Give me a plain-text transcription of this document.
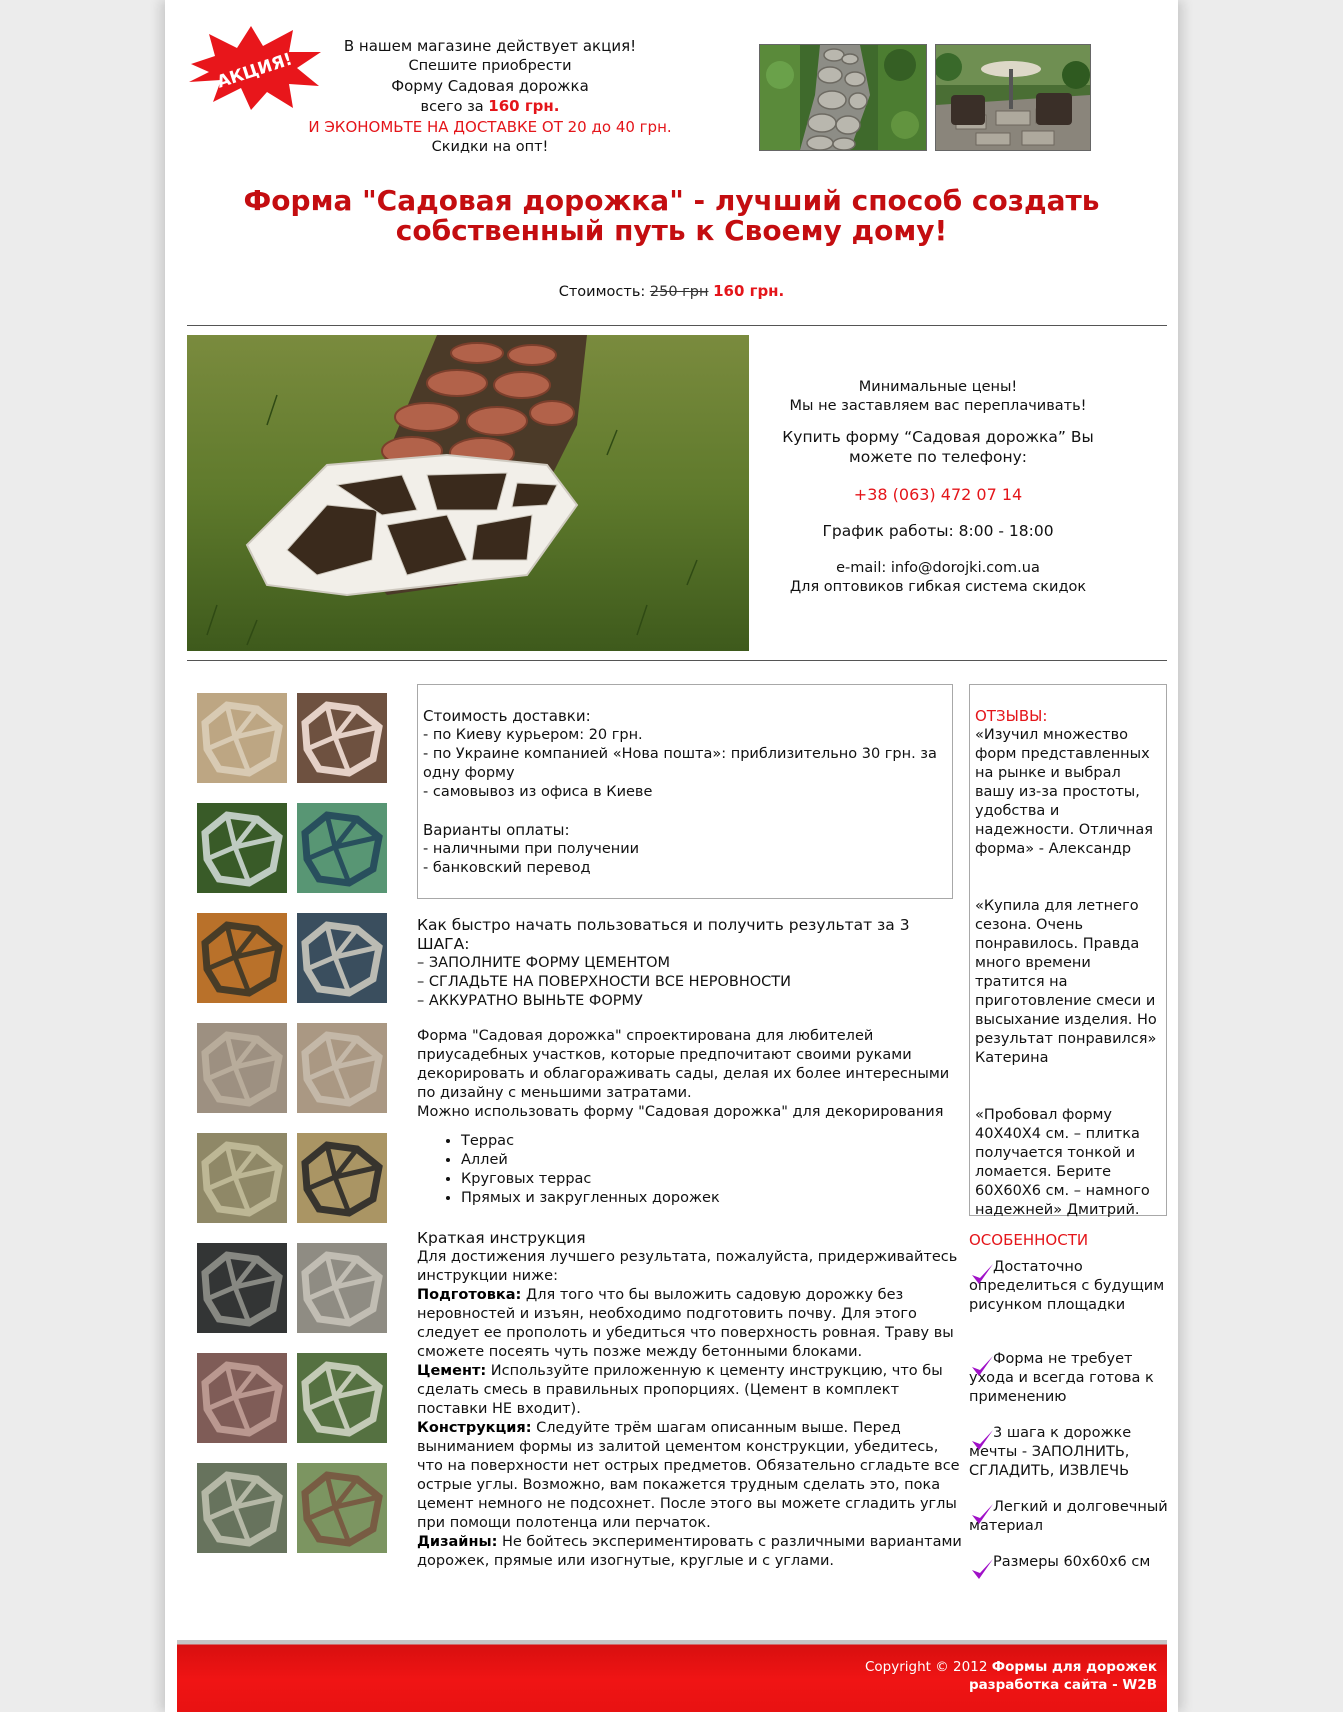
АКЦИЯ!
В нашем магазине действует акция!
Спешите приобрести
Форму Садовая дорожка
всего за 160 грн.
И ЭКОНОМЬТЕ НА ДОСТАВКЕ ОТ 20 до 40 грн.
Скидки на опт!
Форма "Садовая дорожка" - лучший способ создать собственный путь к Своему дому!
Стоимость: 250 грн 160 грн.
Минимальные цены!
Мы не заставляем вас переплачивать!
Купить форму “Садовая дорожка” Вы можете по телефону:
+38 (063) 472 07 14
График работы: 8:00 - 18:00
e-mail: info@dorojki.com.ua
Для оптовиков гибкая система скидок
Стоимость доставки:
- по Киеву курьером: 20 грн.
- по Украине компанией «Нова пошта»: приблизительно 30 грн. за одну форму
- самовывоз из офиса в Киеве
Варианты оплаты:
- наличными при получении
- банковский перевод
Как быстро начать пользоваться и получить результат за 3 ШАГА:
– ЗАПОЛНИТЕ ФОРМУ ЦЕМЕНТОМ
– СГЛАДЬТЕ НА ПОВЕРХНОСТИ ВСЕ НЕРОВНОСТИ
– АККУРАТНО ВЫНЬТЕ ФОРМУ
Форма "Садовая дорожка" спроектирована для любителей приусадебных участков, которые предпочитают своими руками декорировать и облагораживать сады, делая их более интересными по дизайну с меньшими затратами.
Можно использовать форму "Садовая дорожка" для декорирования
• Террас
• Аллей
• Круговых террас
• Прямых и закругленных дорожек
Краткая инструкция
Для достижения лучшего результата, пожалуйста, придерживайтесь инструкции ниже:
Подготовка: Для того что бы выложить садовую дорожку без неровностей и изъян, необходимо подготовить почву. Для этого следует ее прополоть и убедиться что поверхность ровная. Траву вы сможете посеять чуть позже между бетонными блоками.
Цемент: Используйте приложенную к цементу инструкцию, что бы сделать смесь в правильных пропорциях. (Цемент в комплект поставки НЕ входит).
Конструкция: Следуйте трём шагам описанным выше. Перед выниманием формы из залитой цементом конструкции, убедитесь, что на поверхности нет острых предметов. Обязательно сгладьте все острые углы. Возможно, вам покажется трудным сделать это, пока цемент немного не подсохнет. После этого вы можете сгладить углы при помощи полотенца или перчаток.
Дизайны: Не бойтесь экспериментировать с различными вариантами дорожек, прямые или изогнутые, круглые и с углами.
ОТЗЫВЫ:
«Изучил множество форм представленных на рынке и выбрал вашу из-за простоты, удобства и надежности. Отличная форма» - Александр
«Купила для летнего сезона. Очень понравилось. Правда много времени тратится на приготовление смеси и высыхание изделия. Но результат понравился» Катерина
«Пробовал форму 40Х40Х4 см. – плитка получается тонкой и ломается. Берите 60Х60Х6 см. – намного надежней» Дмитрий.
ОСОБЕННОСТИ
Достаточно определиться с будущим рисунком площадки
Форма не требует ухода и всегда готова к применению
3 шага к дорожке мечты - ЗАПОЛНИТЬ, СГЛАДИТЬ, ИЗВЛЕЧЬ
Легкий и долговечный материал
Размеры 60х60х6 см
Copyright © 2012 Формы для дорожек
разработка сайта - W2B
